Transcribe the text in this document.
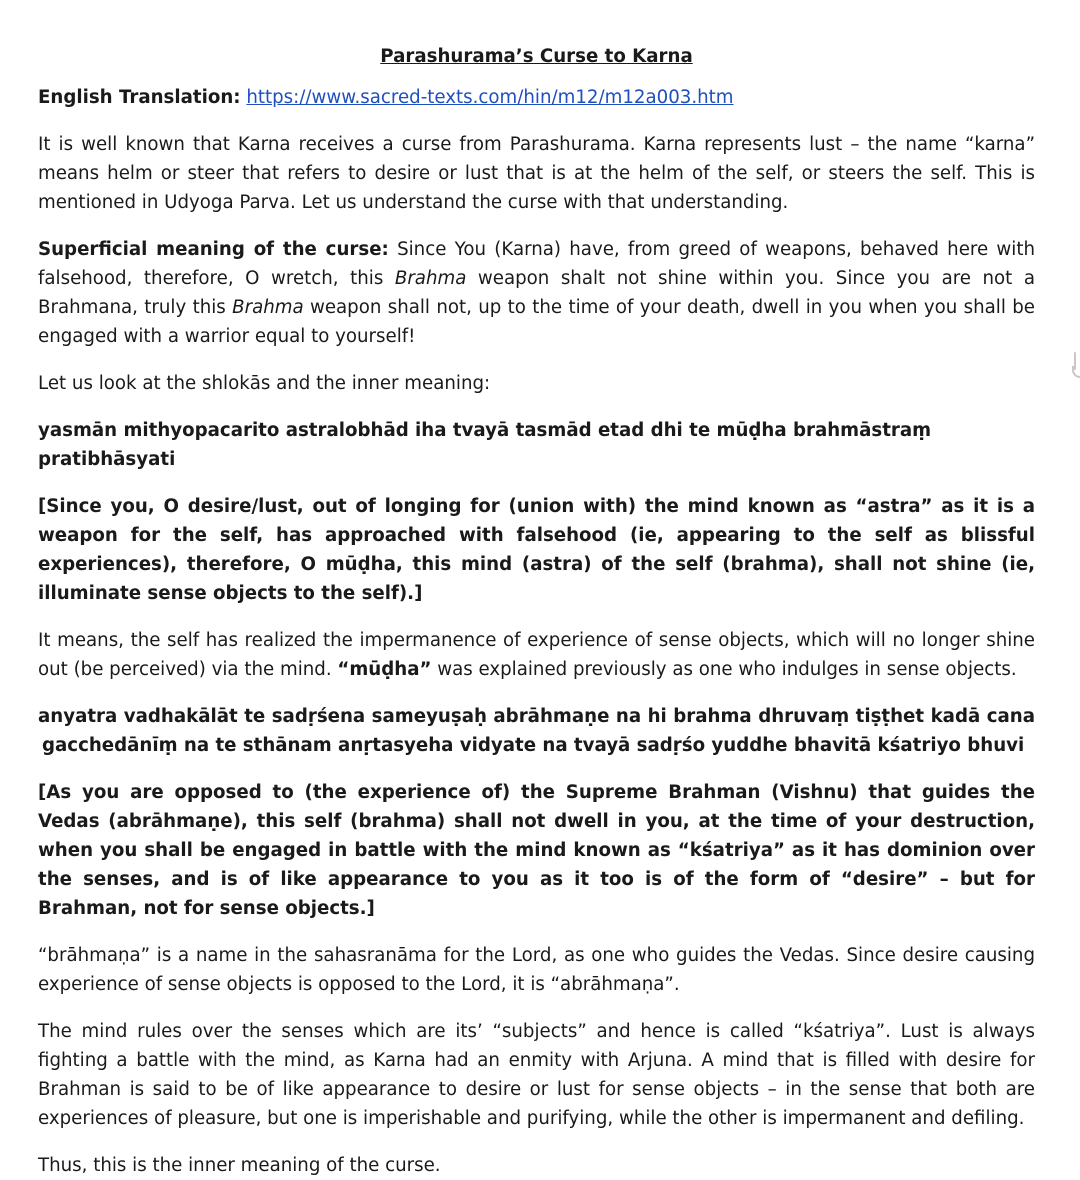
Parashurama’s Curse to Karna

English Translation: https://www.sacred-texts.com/hin/m12/m12a003.htm

It is well known that Karna receives a curse from Parashurama. Karna represents lust – the name “karna” means helm or steer that refers to desire or lust that is at the helm of the self, or steers the self. This is mentioned in Udyoga Parva. Let us understand the curse with that understanding.

Superficial meaning of the curse: Since You (Karna) have, from greed of weapons, behaved here with falsehood, therefore, O wretch, this Brahma weapon shalt not shine within you. Since you are not a Brahmana, truly this Brahma weapon shall not, up to the time of your death, dwell in you when you shall be engaged with a warrior equal to yourself!

Let us look at the shlokās and the inner meaning:

yasmān mithyopacarito astralobhād iha tvayā tasmād etad dhi te mūḍha brahmāstraṃ pratibhāsyati

[Since you, O desire/lust, out of longing for (union with) the mind known as “astra” as it is a weapon for the self, has approached with falsehood (ie, appearing to the self as blissful experiences), therefore, O mūḍha, this mind (astra) of the self (brahma), shall not shine (ie, illuminate sense objects to the self).]

It means, the self has realized the impermanence of experience of sense objects, which will no longer shine out (be perceived) via the mind. “mūḍha” was explained previously as one who indulges in sense objects.

anyatra vadhakālāt te sadṛśena sameyuṣaḥ abrāhmaṇe na hi brahma dhruvaṃ tiṣṭhet kadā cana
gacchedānīṃ na te sthānam anṛtasyeha vidyate na tvayā sadṛśo yuddhe bhavitā kśatriyo bhuvi

[As you are opposed to (the experience of) the Supreme Brahman (Vishnu) that guides the Vedas (abrāhmaṇe), this self (brahma) shall not dwell in you, at the time of your destruction, when you shall be engaged in battle with the mind known as “kśatriya” as it has dominion over the senses, and is of like appearance to you as it too is of the form of “desire” – but for Brahman, not for sense objects.]

“brāhmaṇa” is a name in the sahasranāma for the Lord, as one who guides the Vedas. Since desire causing experience of sense objects is opposed to the Lord, it is “abrāhmaṇa”.

The mind rules over the senses which are its’ “subjects” and hence is called “kśatriya”. Lust is always fighting a battle with the mind, as Karna had an enmity with Arjuna. A mind that is filled with desire for Brahman is said to be of like appearance to desire or lust for sense objects – in the sense that both are experiences of pleasure, but one is imperishable and purifying, while the other is impermanent and defiling.

Thus, this is the inner meaning of the curse.
